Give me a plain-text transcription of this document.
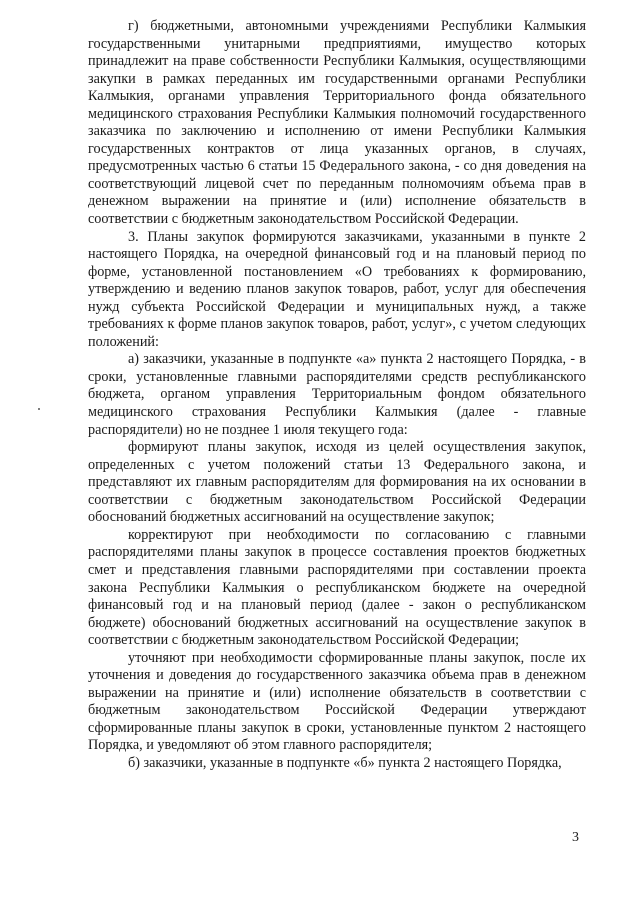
г) бюджетными, автономными учреждениями Республики Калмыкия государственными унитарными предприятиями, имущество которых принадлежит на праве собственности Республики Калмыкия, осуществляющими закупки в рамках переданных им государственными органами Республики Калмыкия, органами управления Территориального фонда обязательного медицинского страхования Республики Калмыкия полномочий государственного заказчика по заключению и исполнению от имени Республики Калмыкия государственных контрактов от лица указанных органов, в случаях, предусмотренных частью 6 статьи 15 Федерального закона, - со дня доведения на соответствующий лицевой счет по переданным полномочиям объема прав в денежном выражении на принятие и (или) исполнение обязательств в соответствии с бюджетным законодательством Российской Федерации.

3. Планы закупок формируются заказчиками, указанными в пункте 2 настоящего Порядка, на очередной финансовый год и на плановый период по форме, установленной постановлением «О требованиях к формированию, утверждению и ведению планов закупок товаров, работ, услуг для обеспечения нужд субъекта Российской Федерации и муниципальных нужд, а также требованиях к форме планов закупок товаров, работ, услуг», с учетом следующих положений:

а) заказчики, указанные в подпункте «а» пункта 2 настоящего Порядка, - в сроки, установленные главными распорядителями средств республиканского бюджета, органом управления Территориальным фондом обязательного медицинского страхования Республики Калмыкия (далее - главные распорядители) но не позднее 1 июля текущего года:

формируют планы закупок, исходя из целей осуществления закупок, определенных с учетом положений статьи 13 Федерального закона, и представляют их главным распорядителям для формирования на их основании в соответствии с бюджетным законодательством Российской Федерации обоснований бюджетных ассигнований на осуществление закупок;

корректируют при необходимости по согласованию с главными распорядителями планы закупок в процессе составления проектов бюджетных смет и представления главными распорядителями при составлении проекта закона Республики Калмыкия о республиканском бюджете на очередной финансовый год и на плановый период (далее - закон о республиканском бюджете) обоснований бюджетных ассигнований на осуществление закупок в соответствии с бюджетным законодательством Российской Федерации;

уточняют при необходимости сформированные планы закупок, после их уточнения и доведения до государственного заказчика объема прав в денежном выражении на принятие и (или) исполнение обязательств в соответствии с бюджетным законодательством Российской Федерации утверждают сформированные планы закупок в сроки, установленные пунктом 2 настоящего Порядка, и уведомляют об этом главного распорядителя;

б) заказчики, указанные в подпункте «б» пункта 2 настоящего Порядка,

3
